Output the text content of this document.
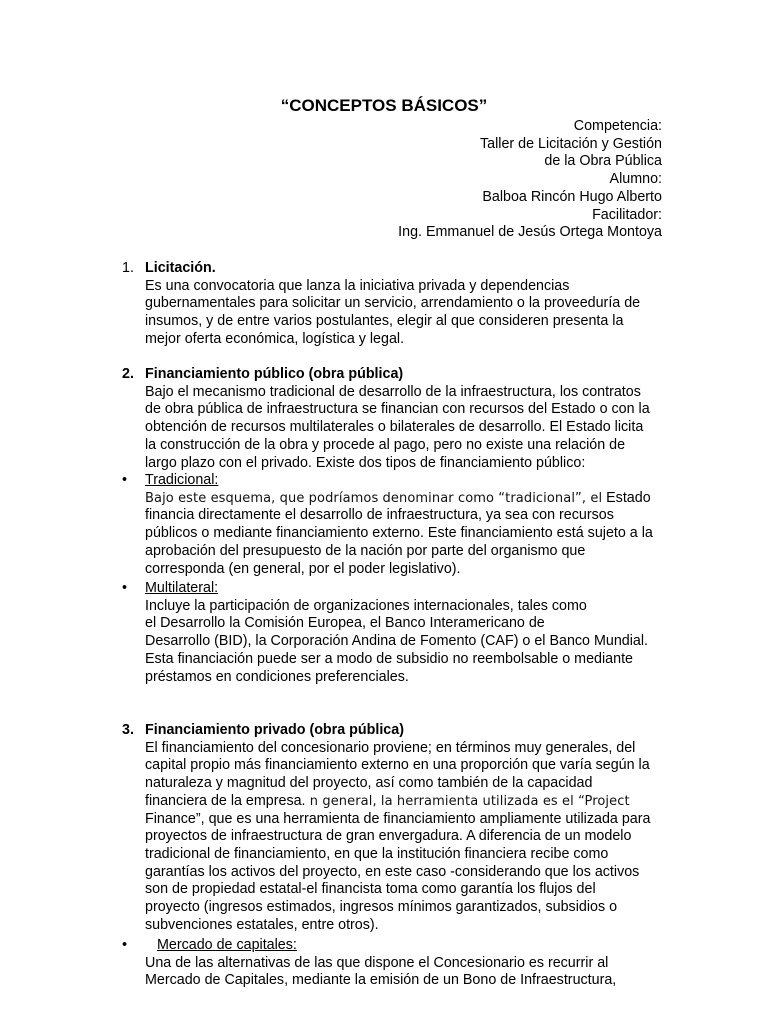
“CONCEPTOS BÁSICOS”
Competencia:
Taller de Licitación y Gestión
de la Obra Pública
Alumno:
Balboa Rincón Hugo Alberto
Facilitador:
Ing. Emmanuel de Jesús Ortega Montoya
1. Licitación.
Es una convocatoria que lanza la iniciativa privada y dependencias
gubernamentales para solicitar un servicio, arrendamiento o la proveeduría de
insumos, y de entre varios postulantes, elegir al que consideren presenta la
mejor oferta económica, logística y legal.
2. Financiamiento público (obra pública)
Bajo el mecanismo tradicional de desarrollo de la infraestructura, los contratos
de obra pública de infraestructura se financian con recursos del Estado o con la
obtención de recursos multilaterales o bilaterales de desarrollo. El Estado licita
la construcción de la obra y procede al pago, pero no existe una relación de
largo plazo con el privado. Existe dos tipos de financiamiento público:
• Tradicional:
Bajo este esquema, que podríamos denominar como “tradicional”, el Estado
financia directamente el desarrollo de infraestructura, ya sea con recursos
públicos o mediante financiamiento externo. Este financiamiento está sujeto a la
aprobación del presupuesto de la nación por parte del organismo que
corresponda (en general, por el poder legislativo).
• Multilateral:
Incluye la participación de organizaciones internacionales, tales como
el Desarrollo la Comisión Europea, el Banco Interamericano de
Desarrollo (BID), la Corporación Andina de Fomento (CAF) o el Banco Mundial.
Esta financiación puede ser a modo de subsidio no reembolsable o mediante
préstamos en condiciones preferenciales.
3. Financiamiento privado (obra pública)
El financiamiento del concesionario proviene; en términos muy generales, del
capital propio más financiamiento externo en una proporción que varía según la
naturaleza y magnitud del proyecto, así como también de la capacidad
financiera de la empresa. n general, la herramienta utilizada es el “Project
Finance”, que es una herramienta de financiamiento ampliamente utilizada para
proyectos de infraestructura de gran envergadura. A diferencia de un modelo
tradicional de financiamiento, en que la institución financiera recibe como
garantías los activos del proyecto, en este caso -considerando que los activos
son de propiedad estatal-el financista toma como garantía los flujos del
proyecto (ingresos estimados, ingresos mínimos garantizados, subsidios o
subvenciones estatales, entre otros).
•	Mercado de capitales:
Una de las alternativas de las que dispone el Concesionario es recurrir al
Mercado de Capitales, mediante la emisión de un Bono de Infraestructura,
